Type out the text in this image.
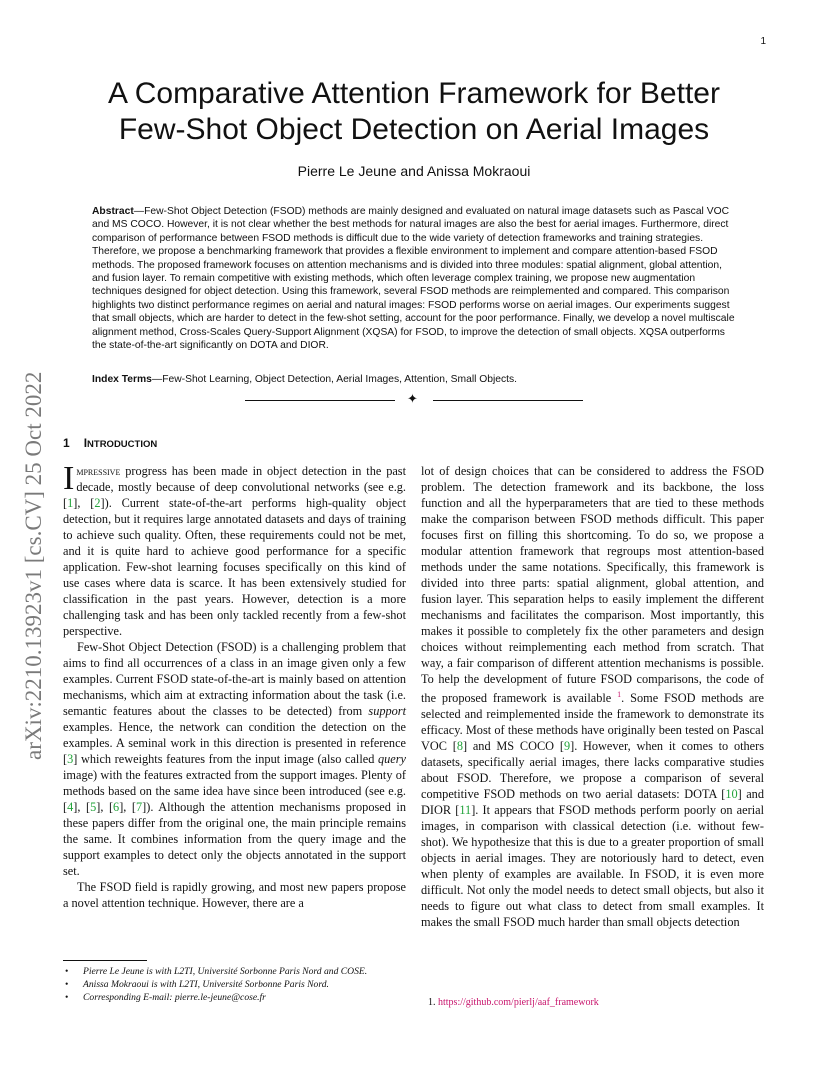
1
A Comparative Attention Framework for Better
Few-Shot Object Detection on Aerial Images
Pierre Le Jeune and Anissa Mokraoui

Abstract—Few-Shot Object Detection (FSOD) methods are mainly designed and evaluated on natural image datasets such as Pascal VOC and MS COCO. However, it is not clear whether the best methods for natural images are also the best for aerial images. Furthermore, direct comparison of performance between FSOD methods is difficult due to the wide variety of detection frameworks and training strategies. Therefore, we propose a benchmarking framework that provides a flexible environment to implement and compare attention-based FSOD methods. The proposed framework focuses on attention mechanisms and is divided into three modules: spatial alignment, global attention, and fusion layer. To remain competitive with existing methods, which often leverage complex training, we propose new augmentation techniques designed for object detection. Using this framework, several FSOD methods are reimplemented and compared. This comparison highlights two distinct performance regimes on aerial and natural images: FSOD performs worse on aerial images. Our experiments suggest that small objects, which are harder to detect in the few-shot setting, account for the poor performance. Finally, we develop a novel multiscale alignment method, Cross-Scales Query-Support Alignment (XQSA) for FSOD, to improve the detection of small objects. XQSA outperforms the state-of-the-art significantly on DOTA and DIOR.

Index Terms—Few-Shot Learning, Object Detection, Aerial Images, Attention, Small Objects.

✦
arXiv:2210.13923v1 [cs.CV] 25 Oct 2022	1 INTRODUCTION

Impressive progress has been made in object detection in the past decade, mostly because of deep convolutional networks (see e.g. [1], [2]). Current state-of-the-art performs high-quality object detection, but it requires large annotated datasets and days of training to achieve such quality. Often, these requirements could not be met, and it is quite hard to achieve good performance for a specific application. Few-shot learning focuses specifically on this kind of use cases where data is scarce. It has been extensively studied for classification in the past years. However, detection is a more challenging task and has been only tackled recently from a few-shot perspective.

Few-Shot Object Detection (FSOD) is a challenging problem that aims to find all occurrences of a class in an image given only a few examples. Current FSOD state-of-the-art is mainly based on attention mechanisms, which aim at extracting information about the task (i.e. semantic features about the classes to be detected) from support examples. Hence, the network can condition the detection on the examples. A seminal work in this direction is presented in reference [3] which reweights features from the input image (also called query image) with the features extracted from the support images. Plenty of methods based on the same idea have since been introduced (see e.g. [4], [5], [6], [7]). Although the attention mechanisms proposed in these papers differ from the original one, the main principle remains the same. It combines information from the query image and the support examples to detect only the objects annotated in the support set.

The FSOD field is rapidly growing, and most new papers propose a novel attention technique. However, there are a

lot of design choices that can be considered to address the FSOD problem. The detection framework and its backbone, the loss function and all the hyperparameters that are tied to these methods make the comparison between FSOD methods difficult. This paper focuses first on filling this shortcoming. To do so, we propose a modular attention framework that regroups most attention-based methods under the same notations. Specifically, this framework is divided into three parts: spatial alignment, global attention, and fusion layer. This separation helps to easily implement the different mechanisms and facilitates the comparison. Most importantly, this makes it possible to completely fix the other parameters and design choices without reimplementing each method from scratch. That way, a fair comparison of different attention mechanisms is possible. To help the development of future FSOD comparisons, the code of the proposed framework is available $^1$. Some FSOD methods are selected and reimplemented inside the framework to demonstrate its efficacy. Most of these methods have originally been tested on Pascal VOC [8] and MS COCO [9]. However, when it comes to others datasets, specifically aerial images, there lacks comparative studies about FSOD. Therefore, we propose a comparison of several competitive FSOD methods on two aerial datasets: DOTA [10] and DIOR [11]. It appears that FSOD methods perform poorly on aerial images, in comparison with classical detection (i.e. without few-shot). We hypothesize that this is due to a greater proportion of small objects in aerial images. They are notoriously hard to detect, even when plenty of examples are available. In FSOD, it is even more difficult. Not only the model needs to detect small objects, but also it needs to figure out what class to detect from small examples. It makes the small FSOD much harder than small objects detection

• Pierre Le Jeune is with L2TI, Université Sorbonne Paris Nord and COSE.
• Anissa Mokraoui is with L2TI, Université Sorbonne Paris Nord.
• Corresponding E-mail: pierre.le-jeune@cose.fr	1. https://github.com/pierlj/aaf_framework
